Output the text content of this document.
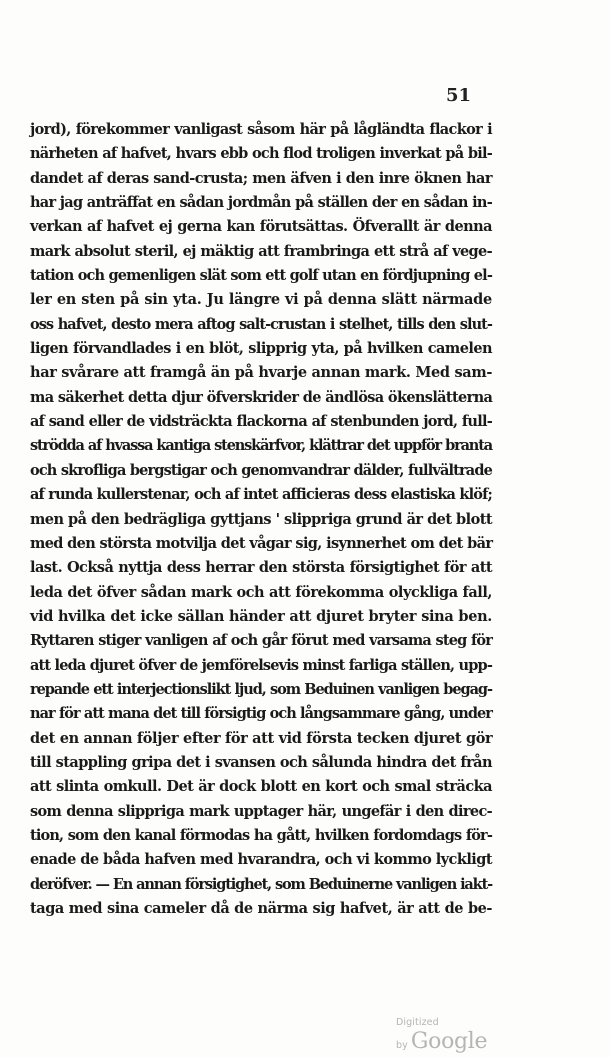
51
jord), förekommer vanligast såsom här på lågländta flackor i
närheten af hafvet, hvars ebb och flod troligen inverkat på bil-
dandet af deras sand-crusta; men äfven i den inre öknen har
har jag anträffat en sådan jordmån på ställen der en sådan in-
verkan af hafvet ej gerna kan förutsättas. Öfverallt är denna
mark absolut steril, ej mäktig att frambringa ett strå af vege-
tation och gemenligen slät som ett golf utan en fördjupning el-
ler en sten på sin yta. Ju längre vi på denna slätt närmade
oss hafvet, desto mera aftog salt-crustan i stelhet, tills den slut-
ligen förvandlades i en blöt, slipprig yta, på hvilken camelen
har svårare att framgå än på hvarje annan mark. Med sam-
ma säkerhet detta djur öfverskrider de ändlösa ökenslätterna
af sand eller de vidsträckta flackorna af stenbunden jord, full-
strödda af hvassa kantiga stenskärfvor, klättrar det uppför branta
och skrofliga bergstigar och genomvandrar dälder, fullvältrade
af runda kullerstenar, och af intet afficieras dess elastiska klöf;
men på den bedrägliga gyttjans ' slippriga grund är det blott
med den största motvilja det vågar sig, isynnerhet om det bär
last. Också nyttja dess herrar den största försigtighet för att
leda det öfver sådan mark och att förekomma olyckliga fall,
vid hvilka det icke sällan händer att djuret bryter sina ben.
Ryttaren stiger vanligen af och går förut med varsama steg för
att leda djuret öfver de jemförelsevis minst farliga ställen, upp-
repande ett interjectionslikt ljud, som Beduinen vanligen begag-
nar för att mana det till försigtig och långsammare gång, under
det en annan följer efter för att vid första tecken djuret gör
till stappling gripa det i svansen och sålunda hindra det från
att slinta omkull. Det är dock blott en kort och smal sträcka
som denna slippriga mark upptager här, ungefär i den direc-
tion, som den kanal förmodas ha gått, hvilken fordomdags för-
enade de båda hafven med hvarandra, och vi kommo lyckligt
deröfver. — En annan försigtighet, som Beduinerne vanligen iakt-
taga med sina cameler då de närma sig hafvet, är att de be-
Digitized by Google
